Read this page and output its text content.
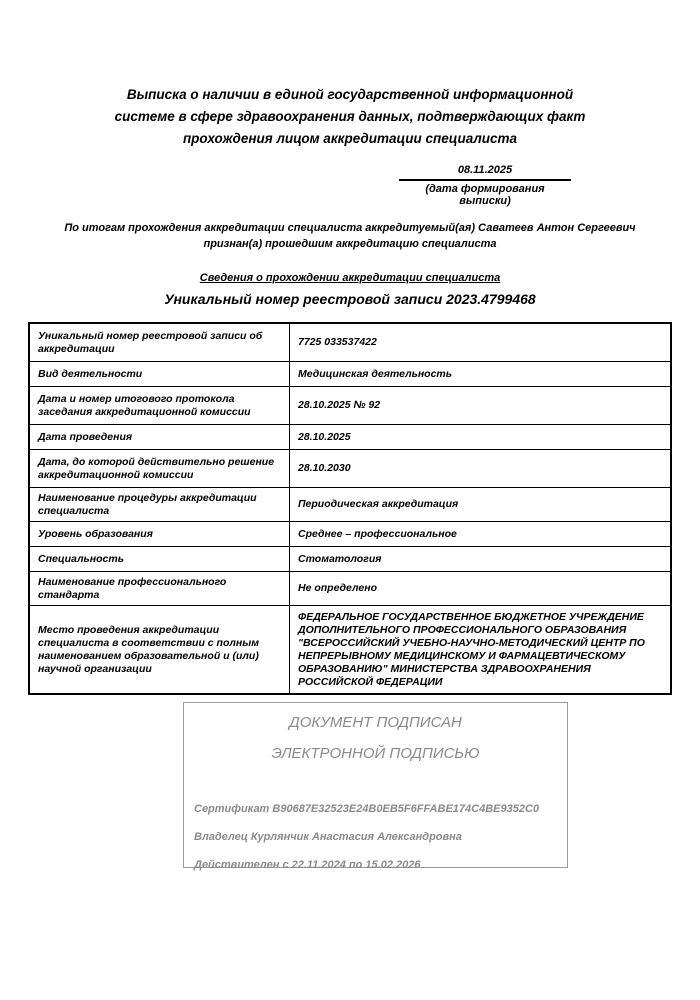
Выписка о наличии в единой государственной информационной
системе в сфере здравоохранения данных, подтверждающих факт
прохождения лицом аккредитации специалиста
08.11.2025
(дата формирования выписки)
По итогам прохождения аккредитации специалиста аккредитуемый(ая) Саватеев Антон Сергеевич
признан(а) прошедшим аккредитацию специалиста
Сведения о прохождении аккредитации специалиста
Уникальный номер реестровой записи 2023.4799468
Уникальный номер реестровой записи об аккредитации	7725 033537422
Вид деятельности	Медицинская деятельность
Дата и номер итогового протокола заседания аккредитационной комиссии	28.10.2025 № 92
Дата проведения	28.10.2025
Дата, до которой действительно решение аккредитационной комиссии	28.10.2030
Наименование процедуры аккредитации специалиста	Периодическая аккредитация
Уровень образования	Среднее – профессиональное
Специальность	Стоматология
Наименование профессионального стандарта	Не определено
Место проведения аккредитации специалиста в соответствии с полным наименованием образовательной и (или) научной организации	ФЕДЕРАЛЬНОЕ ГОСУДАРСТВЕННОЕ БЮДЖЕТНОЕ УЧРЕЖДЕНИЕ ДОПОЛНИТЕЛЬНОГО ПРОФЕССИОНАЛЬНОГО ОБРАЗОВАНИЯ "ВСЕРОССИЙСКИЙ УЧЕБНО-НАУЧНО-МЕТОДИЧЕСКИЙ ЦЕНТР ПО НЕПРЕРЫВНОМУ МЕДИЦИНСКОМУ И ФАРМАЦЕВТИЧЕСКОМУ ОБРАЗОВАНИЮ" МИНИСТЕРСТВА ЗДРАВООХРАНЕНИЯ РОССИЙСКОЙ ФЕДЕРАЦИИ
ДОКУМЕНТ ПОДПИСАН
ЭЛЕКТРОННОЙ ПОДПИСЬЮ
Сертификат B90687E32523E24B0EB5F6FFABE174C4BE9352C0
Владелец Курлянчик Анастасия Александровна
Действителен с 22.11.2024 по 15.02.2026
